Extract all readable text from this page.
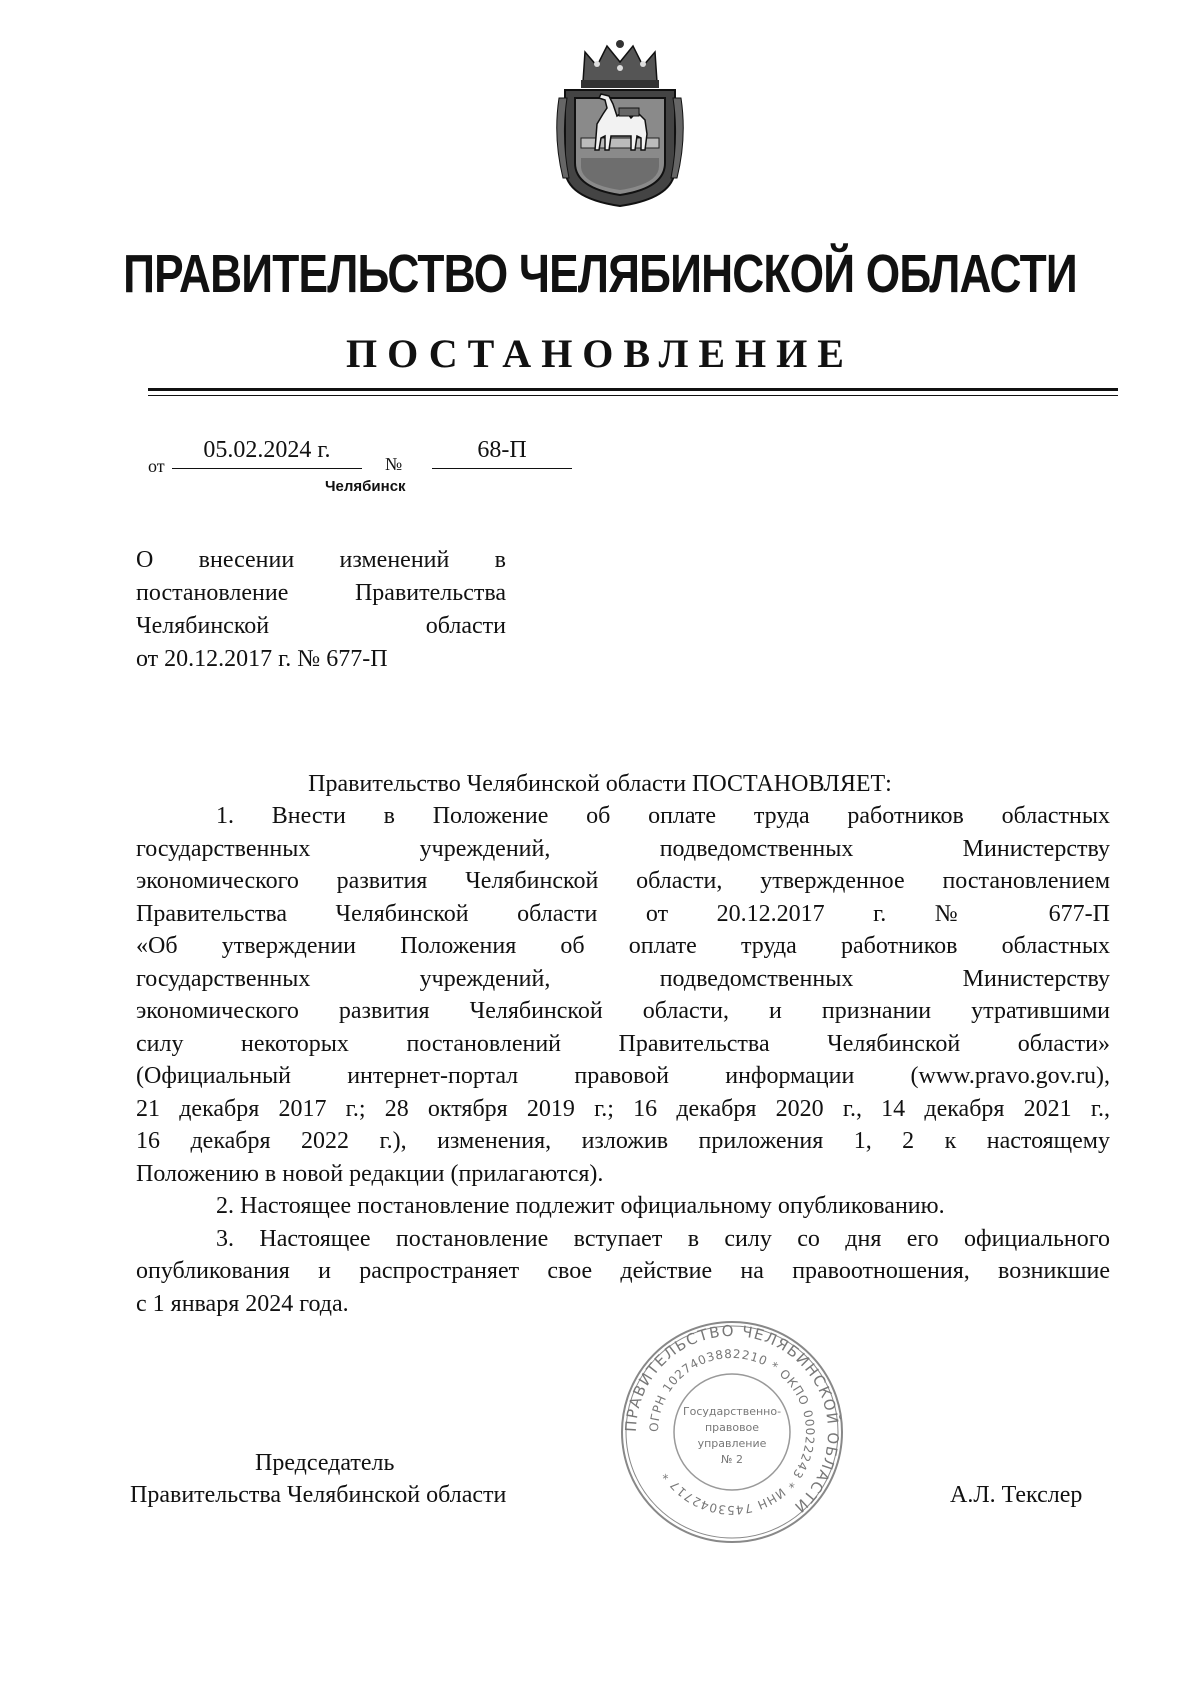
ПРАВИТЕЛЬСТВО ЧЕЛЯБИНСКОЙ ОБЛАСТИ
ПОСТАНОВЛЕНИЕ
от
05.02.2024 г.
№
68-П
Челябинск
О внесении изменений в
постановление Правительства
Челябинской области
от 20.12.2017 г. № 677-П
Правительство Челябинской области ПОСТАНОВЛЯЕТ:
1. Внести в Положение об оплате труда работников областных
государственных учреждений, подведомственных Министерству
экономического развития Челябинской области, утвержденное постановлением
Правительства Челябинской области от 20.12.2017 г. № 677-П
«Об утверждении Положения об оплате труда работников областных
государственных учреждений, подведомственных Министерству
экономического развития Челябинской области, и признании утратившими
силу некоторых постановлений Правительства Челябинской области»
(Официальный интернет-портал правовой информации (www.pravo.gov.ru),
21 декабря 2017 г.; 28 октября 2019 г.; 16 декабря 2020 г., 14 декабря 2021 г.,
16 декабря 2022 г.), изменения, изложив приложения 1, 2 к настоящему
Положению в новой редакции (прилагаются).
2. Настоящее постановление подлежит официальному опубликованию.
3. Настоящее постановление вступает в силу со дня его официального
опубликования и распространяет свое действие на правоотношения, возникшие
с 1 января 2024 года.
ПРАВИТЕЛЬСТВО ЧЕЛЯБИНСКОЙ ОБЛАСТИ
ОГРН 1027403882210 * ОКПО 00022243 * ИНН 7453042717 *
Государственно-
правовое
управление
№ 2
Председатель
Правительства Челябинской области	А.Л. Текслер
